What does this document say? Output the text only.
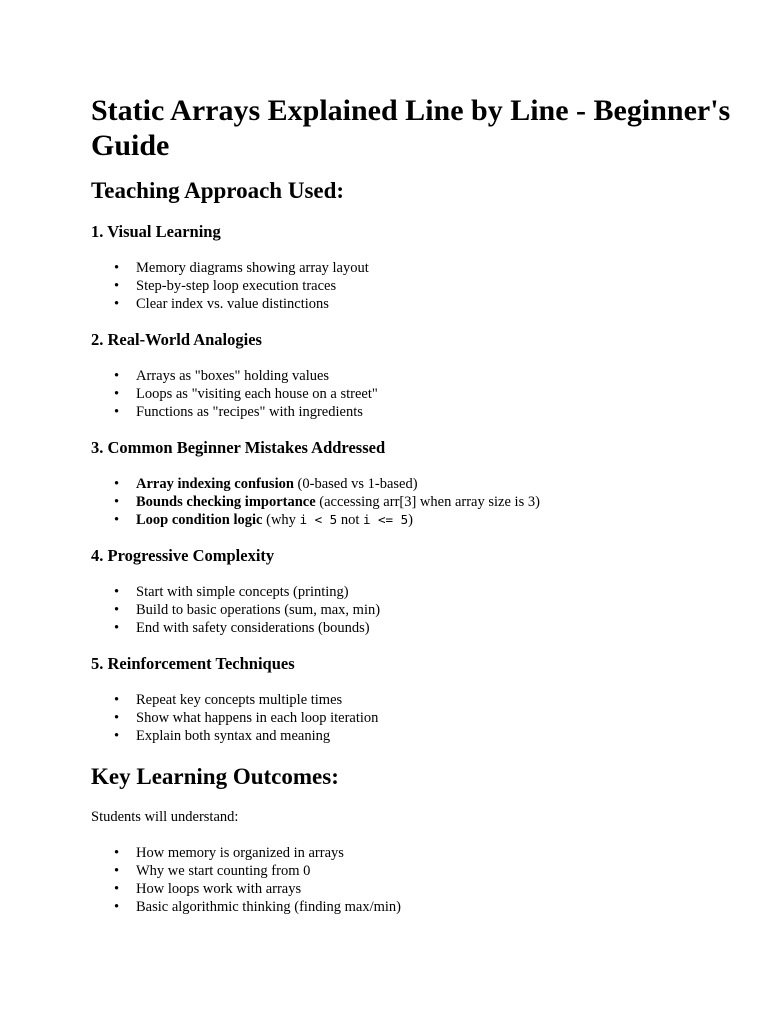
Static Arrays Explained Line by Line - Beginner's Guide
Teaching Approach Used:
1. Visual Learning
• Memory diagrams showing array layout
• Step-by-step loop execution traces
• Clear index vs. value distinctions
2. Real-World Analogies
• Arrays as "boxes" holding values
• Loops as "visiting each house on a street"
• Functions as "recipes" with ingredients
3. Common Beginner Mistakes Addressed
• Array indexing confusion (0-based vs 1-based)
• Bounds checking importance (accessing arr[3] when array size is 3)
• Loop condition logic (why i < 5 not i <= 5)
4. Progressive Complexity
• Start with simple concepts (printing)
• Build to basic operations (sum, max, min)
• End with safety considerations (bounds)
5. Reinforcement Techniques
• Repeat key concepts multiple times
• Show what happens in each loop iteration
• Explain both syntax and meaning
Key Learning Outcomes:

Students will understand:

• How memory is organized in arrays
• Why we start counting from 0
• How loops work with arrays
• Basic algorithmic thinking (finding max/min)
